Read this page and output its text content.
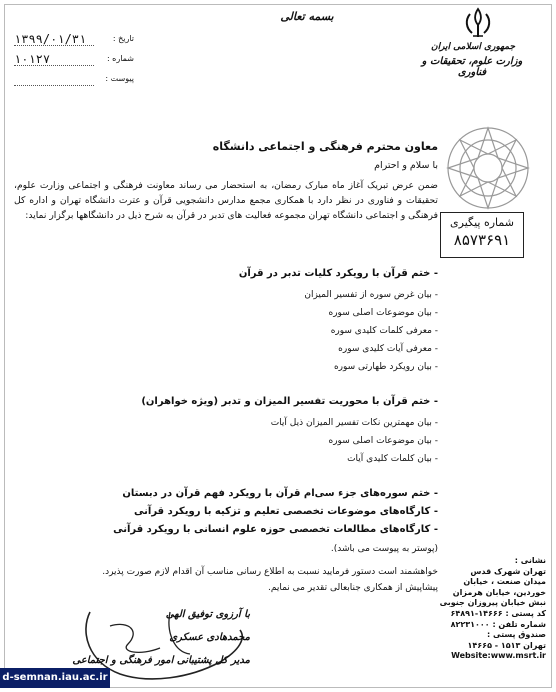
جمهوری اسلامی ایران
وزارت علوم، تحقیقات و فناوری
بسمه تعالی
تاریخ :
۱۳۹۹/۰۱/۳۱
شماره :
۱۰۱۲۷
پیوست :
شماره پیگیری
۸۵۷۳۶۹۱
معاون محترم فرهنگی و اجتماعی دانشگاه
با سلام و احترام
ضمن عرض تبریک آغاز ماه مبارک رمضان، به استحضار می رساند معاونت فرهنگی و اجتماعی وزارت علوم، تحقیقات و فناوری در نظر دارد با همکاری مجمع مدارس دانشجویی قرآن و عترت دانشگاه تهران و اداره کل فرهنگی و اجتماعی دانشگاه تهران مجموعه فعالیت های تدبر در قرآن به شرح ذیل در دانشگاهها برگزار نماید:
- ختم قرآن با رویکرد کلیات تدبر در قرآن
- بیان غرض سوره از تفسیر المیزان
- بیان موضوعات اصلی سوره
- معرفی کلمات کلیدی سوره
- معرفی آیات کلیدی سوره
- بیان رویکرد طهارتی سوره
- ختم قرآن با محوریت تفسیر المیزان و تدبر (ویژه خواهران)
- بیان مهمترین نکات تفسیر المیزان ذیل آیات
- بیان موضوعات اصلی سوره
- بیان کلمات کلیدی آیات
- ختم سوره‌های جزء سی‌ام قرآن با رویکرد فهم قرآن در دبستان
- کارگاه‌های موضوعات تخصصی تعلیم و تزکیه با رویکرد قرآنی
- کارگاه‌های مطالعات تخصصی حوزه علوم انسانی با رویکرد قرآنی
(پوستر به پیوست می باشد).
خواهشمند است دستور فرمایید نسبت به اطلاع رسانی مناسب آن اقدام لازم صورت پذیرد.
پیشاپیش از همکاری جنابعالی تقدیر می نمایم.
با آرزوی توفیق الهی
محمدهادی عسکری
مدیر کل پشتیبانی امور فرهنگی و اجتماعی
نشانی :
تهران شهرک قدس
میدان صنعت ، خیابان
خوردین، خیابان هرمزان
نبش خیابان پیروزان جنوبی
کد پستی : ۱۴۶۶۶-۶۴۸۹۱
شماره تلفن : ۸۲۲۳۱۰۰۰
صندوق پستی :
تهران ۱۵۱۳ - ۱۴۶۶۵
Website:www.msrt.ir
d-semnan.iau.ac.ir
